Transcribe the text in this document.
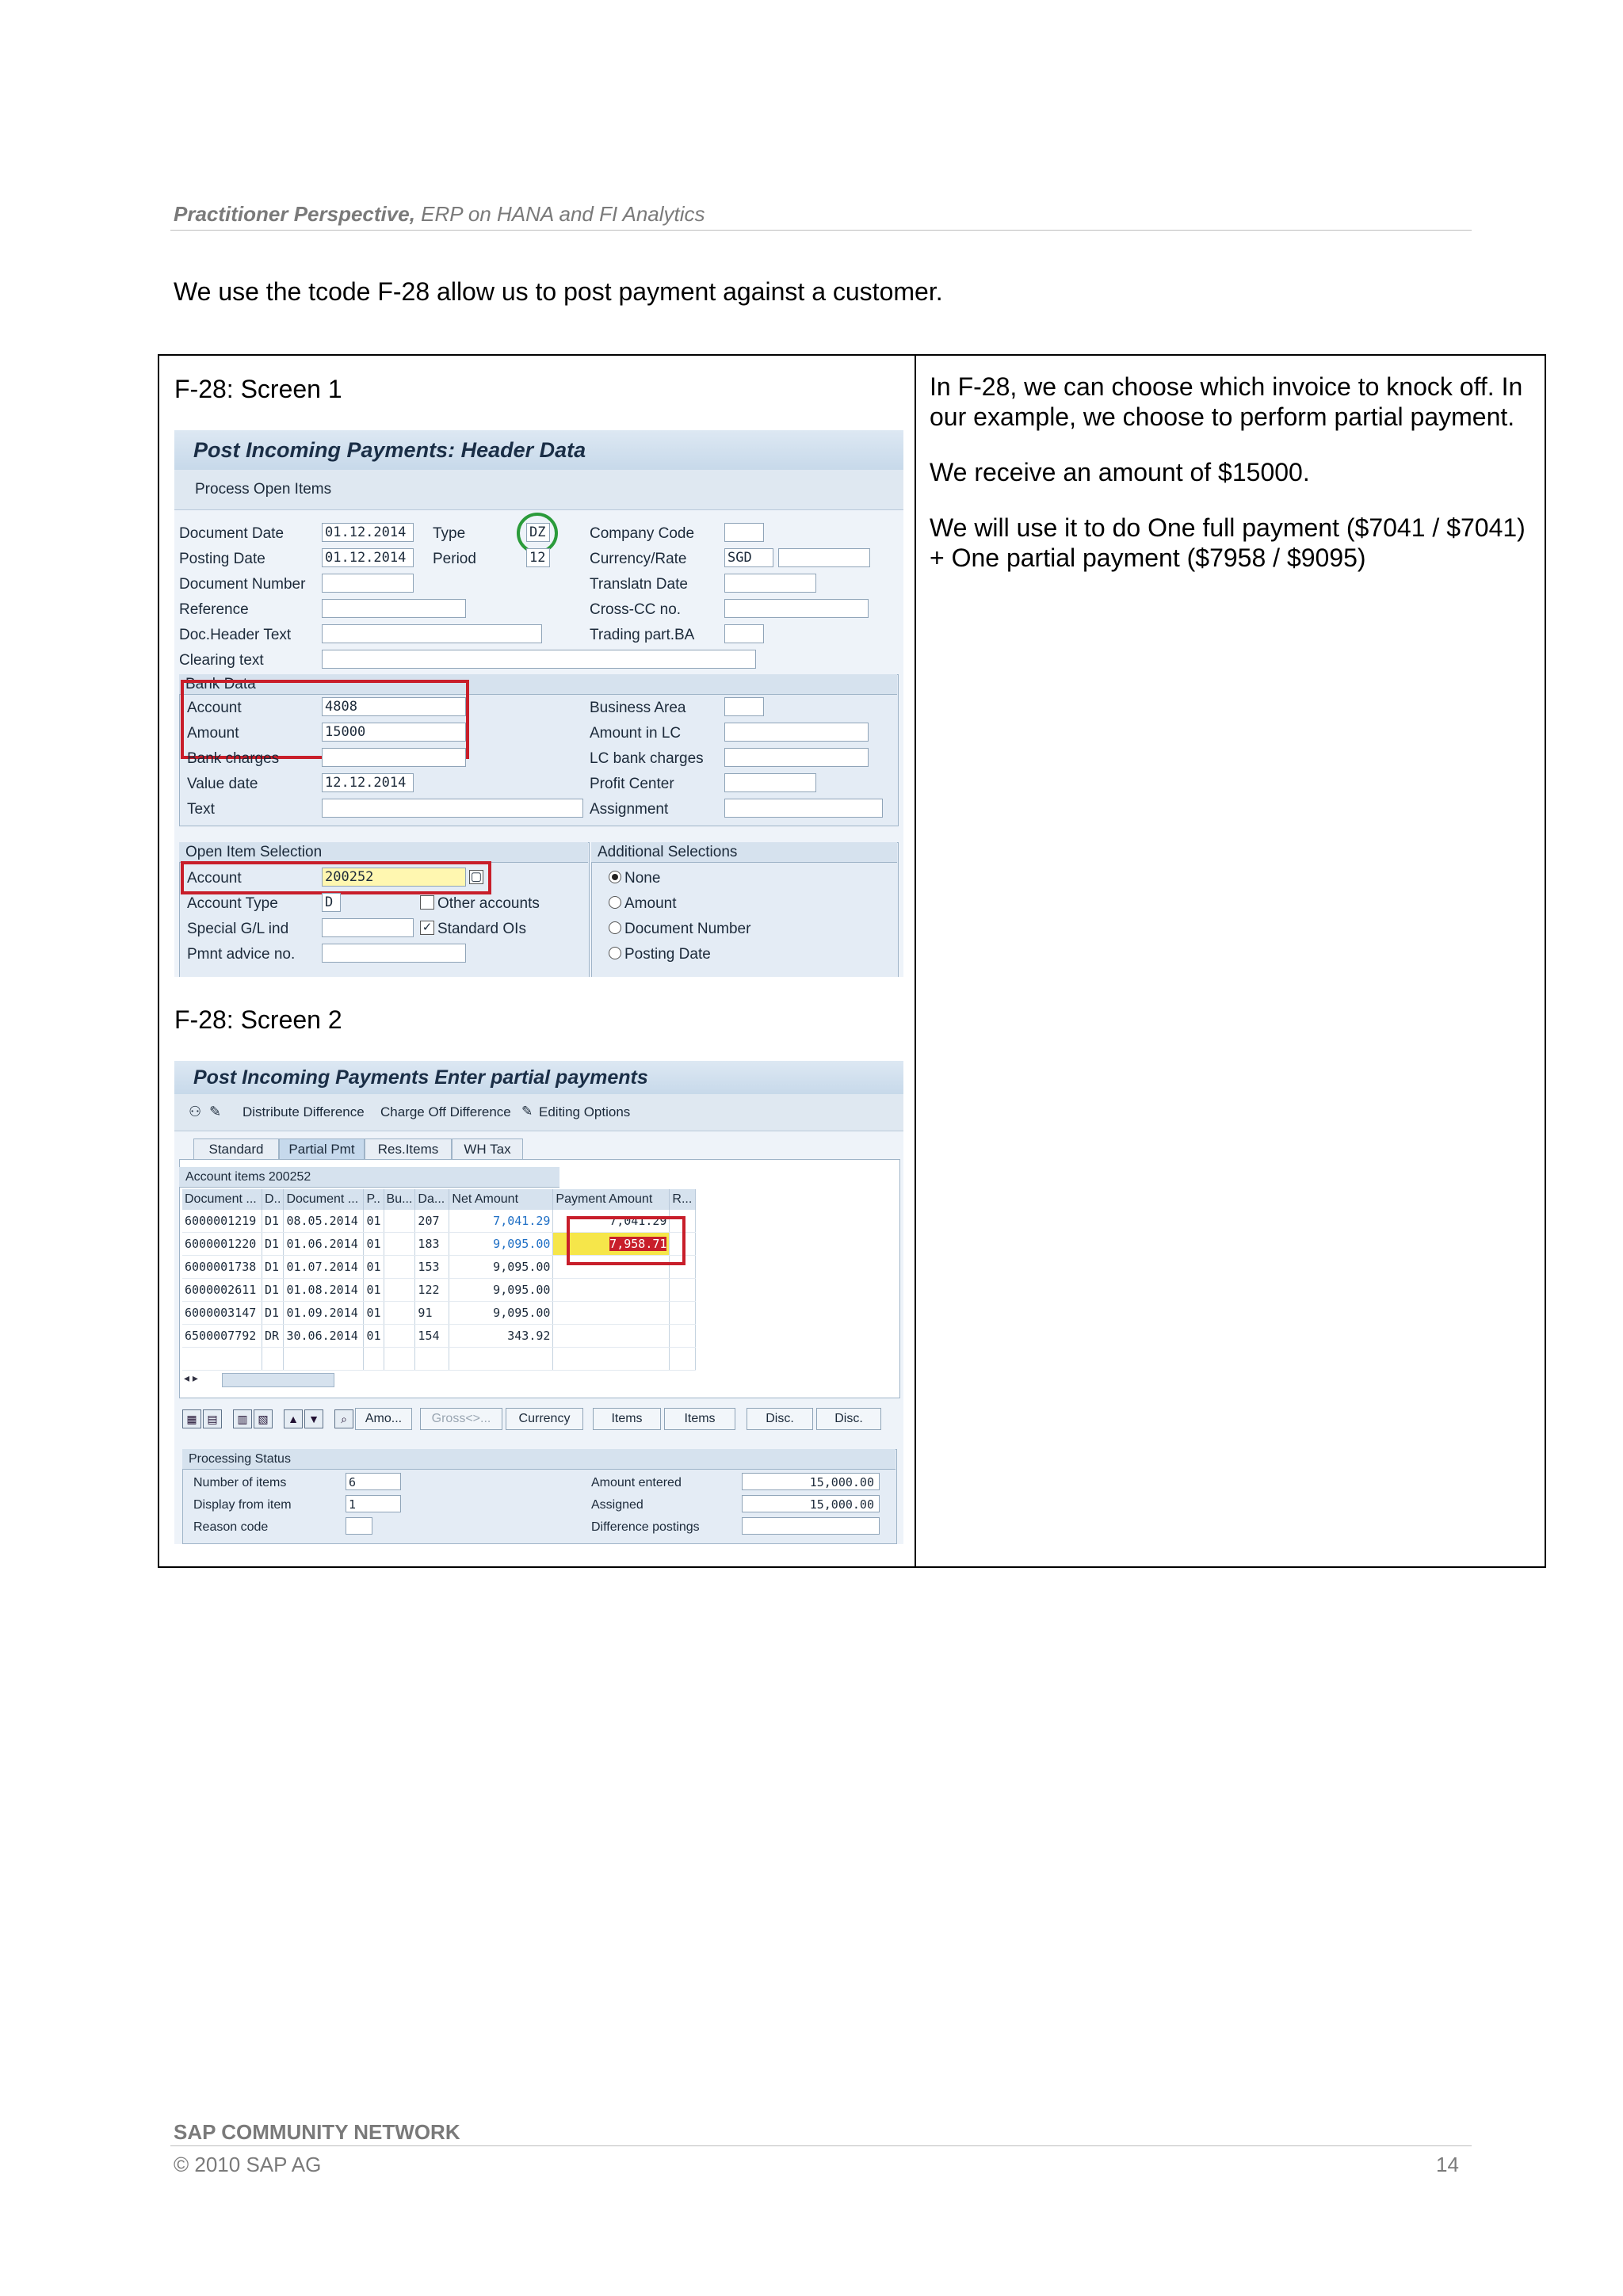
Practitioner Perspective, ERP on HANA and FI Analytics
We use the tcode F-28 allow us to post payment against a customer.
F-28: Screen 1
Post Incoming Payments: Header Data
Process Open Items
Document Date	01.12.2014	Type	DZ	Company Code
Posting Date	01.12.2014	Period	12	Currency/Rate	SGD
Document Number	Translatn Date
Reference	Cross-CC no.
Doc.Header Text	Trading part.BA
Clearing text
Bank Data
Account	4808	Business Area
Amount	15000	Amount in LC
Bank charges	LC bank charges
Value date	12.12.2014	Profit Center
Text	Assignment
Open Item Selection	Additional Selections
Account	200252	▢
Account Type	D	Other accounts
Special G/L ind	✓ Standard OIs
Pmnt advice no.
None
Amount
Document Number
Posting Date
F-28: Screen 2
Post Incoming Payments Enter partial payments
⚇ ✎ Distribute Difference Charge Off Difference ✎ Editing Options
Standard	Partial Pmt	Res.Items	WH Tax
Account items 200252
Document ...	D..	Document ...	P..	Bu...	Da...	Net Amount	Payment Amount	R...
6000001219	D1	08.05.2014	01		207	7,041.29	7,041.29	
6000001220	D1	01.06.2014	01		183	9,095.00	7,958.71	
6000001738	D1	01.07.2014	01		153	9,095.00		
6000002611	D1	01.08.2014	01		122	9,095.00		
6000003147	D1	01.09.2014	01		91	9,095.00		
6500007792	DR	30.06.2014	01		154	343.92		

◂ ▸
▦ ▤	▥ ▧	▲ ▼	⌕	Amo...	Gross<>...	Currency	Items	Items	Disc.	Disc.
Processing Status
Number of items	6
Display from item	1
Reason code
Amount entered	15,000.00
Assigned	15,000.00
Difference postings

In F-28, we can choose which invoice to knock off. In our example, we choose to perform partial payment.

We receive an amount of $15000.

We will use it to do One full payment ($7041 / $7041) + One partial payment ($7958 / $9095)

SAP COMMUNITY NETWORK
© 2010 SAP AG	14
